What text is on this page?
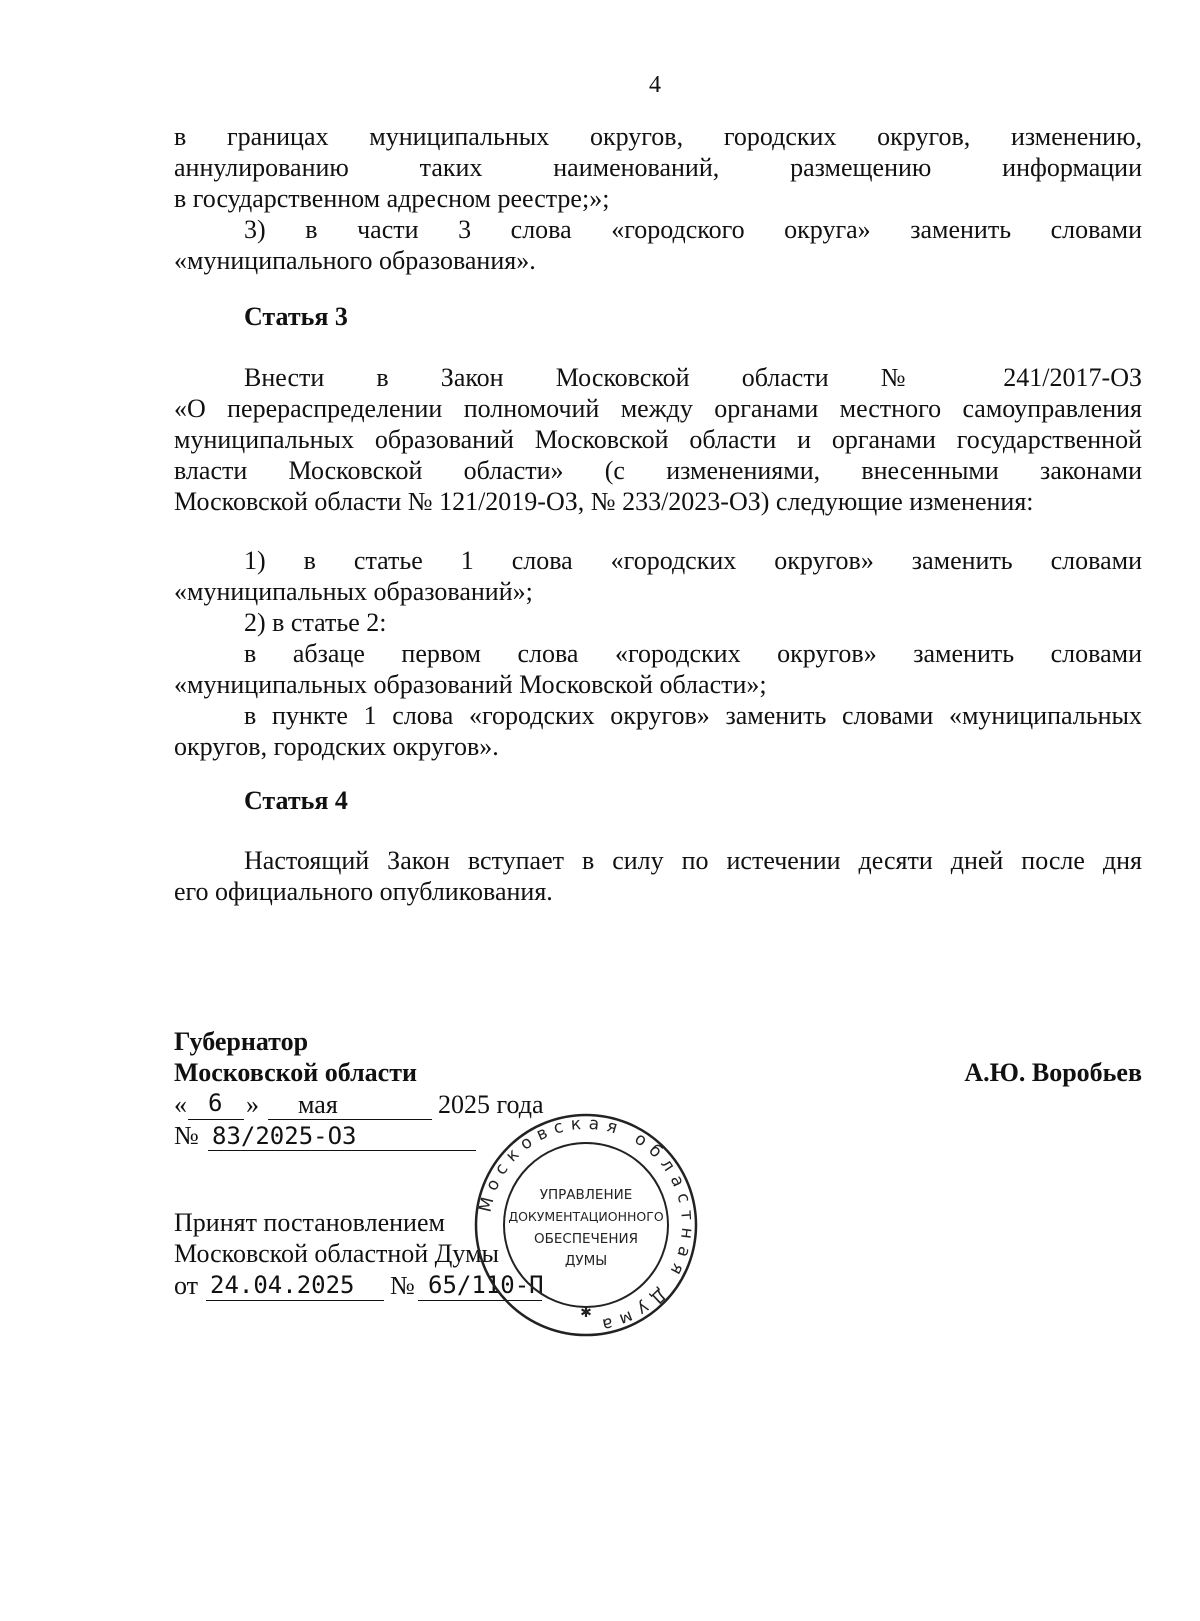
4

в границах муниципальных округов, городских округов, изменению,

аннулированию таких наименований, размещению информации

в государственном адресном реестре;»;

3) в части 3 слова «городского округа» заменить словами

«муниципального образования».

Статья 3

Внести в Закон Московской области № 241/2017-ОЗ

«О перераспределении полномочий между органами местного самоуправления

муниципальных образований Московской области и органами государственной

власти Московской области» (с изменениями, внесенными законами

Московской области № 121/2019-ОЗ, № 233/2023-ОЗ) следующие изменения:

1) в статье 1 слова «городских округов» заменить словами

«муниципальных образований»;

2) в статье 2:

в абзаце первом слова «городских округов» заменить словами

«муниципальных образований Московской области»;

в пункте 1 слова «городских округов» заменить словами «муниципальных

округов, городских округов».

Статья 4

Настоящий Закон вступает в силу по истечении десяти дней после дня

его официального опубликования.

Губернатор
Московской области	А.Ю. Воробьев
« 6 » мая	2025 года
№ 83/2025-ОЗ
Принят постановлением
Московской областной Думы
от 24.04.2025 № 65/110-П
Московская областная Дума
✱
УПРАВЛЕНИЕ
ДОКУМЕНТАЦИОННОГО
ОБЕСПЕЧЕНИЯ
ДУМЫ
